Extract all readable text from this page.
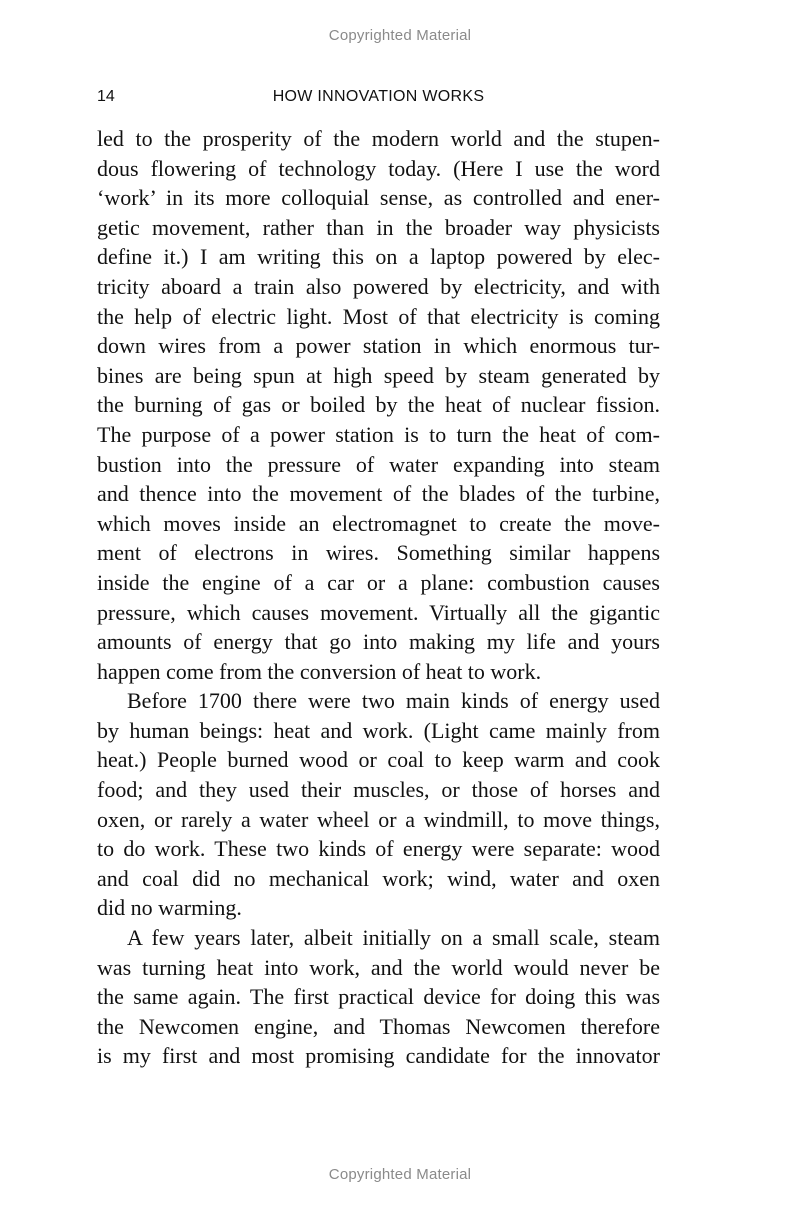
Copyrighted Material
14	HOW INNOVATION WORKS

led to the prosperity of the modern world and the stupen-
dous flowering of technology today. (Here I use the word
‘work’ in its more colloquial sense, as controlled and ener-
getic movement, rather than in the broader way physicists
define it.) I am writing this on a laptop powered by elec-
tricity aboard a train also powered by electricity, and with
the help of electric light. Most of that electricity is coming
down wires from a power station in which enormous tur-
bines are being spun at high speed by steam generated by
the burning of gas or boiled by the heat of nuclear fission.
The purpose of a power station is to turn the heat of com-
bustion into the pressure of water expanding into steam
and thence into the movement of the blades of the turbine,
which moves inside an electromagnet to create the move-
ment of electrons in wires. Something similar happens
inside the engine of a car or a plane: combustion causes
pressure, which causes movement. Virtually all the gigantic
amounts of energy that go into making my life and yours
happen come from the conversion of heat to work.

Before 1700 there were two main kinds of energy used
by human beings: heat and work. (Light came mainly from
heat.) People burned wood or coal to keep warm and cook
food; and they used their muscles, or those of horses and
oxen, or rarely a water wheel or a windmill, to move things,
to do work. These two kinds of energy were separate: wood
and coal did no mechanical work; wind, water and oxen
did no warming.

A few years later, albeit initially on a small scale, steam
was turning heat into work, and the world would never be
the same again. The first practical device for doing this was
the Newcomen engine, and Thomas Newcomen therefore
is my first and most promising candidate for the innovator

Copyrighted Material
